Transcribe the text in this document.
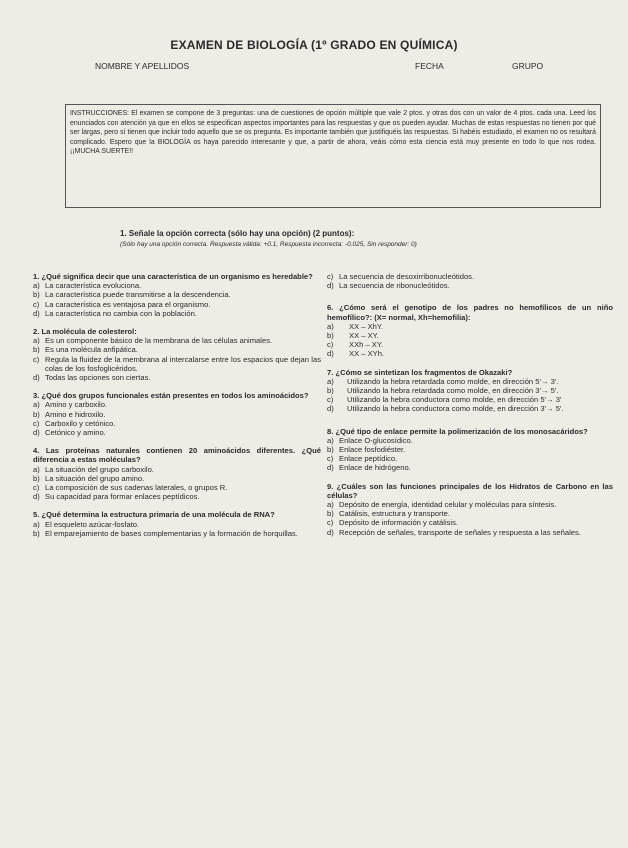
EXAMEN DE BIOLOGÍA (1º GRADO EN QUÍMICA)
NOMBRE Y APELLIDOS	FECHA	GRUPO
INSTRUCCIONES: El examen se compone de 3 preguntas: una de cuestiones de opción múltiple que vale 2 ptos. y otras dos con un valor de 4 ptos. cada una. Leed los enunciados con atención ya que en ellos se especifican aspectos importantes para las respuestas y que os pueden ayudar. Muchas de estas respuestas no tienen por qué ser largas, pero sí tienen que incluir todo aquello que se os pregunta. Es importante también que justifiquéis las respuestas. Si habéis estudiado, el examen no os resultará complicado. Espero que la BIOLOGÍA os haya parecido interesante y que, a partir de ahora, veáis cómo esta ciencia está muy presente en todo lo que nos rodea. ¡¡MUCHA SUERTE!!
1. Señale la opción correcta (sólo hay una opción) (2 puntos):
(Sólo hay una opción correcta. Respuesta válida: +0.1, Respuesta incorrecta: -0.025, Sin responder: 0)
1. ¿Qué significa decir que una característica de un organismo es heredable?
a) La característica evoluciona.
b) La característica puede transmitirse a la descendencia.
c) La característica es ventajosa para el organismo.
d) La característica no cambia con la población.
2. La molécula de colesterol:
a) Es un componente básico de la membrana de las células animales.
b) Es una molécula anfipática.
c) Regula la fluidez de la membrana al intercalarse entre los espacios que dejan las colas de los fosfoglicéridos.
d) Todas las opciones son ciertas.
3. ¿Qué dos grupos funcionales están presentes en todos los aminoácidos?
a) Amino y carboxilo.
b) Amino e hidroxilo.
c) Carboxilo y cetónico.
d) Cetónico y amino.
4. Las proteínas naturales contienen 20 aminoácidos diferentes. ¿Qué diferencia a estas moléculas?
a) La situación del grupo carboxilo.
b) La situación del grupo amino.
c) La composición de sus cadenas laterales, o grupos R.
d) Su capacidad para formar enlaces peptídicos.
5. ¿Qué determina la estructura primaria de una molécula de RNA?
a) El esqueleto azúcar-fosfato.
b) El emparejamiento de bases complementarias y la formación de horquillas.
c) La secuencia de desoxirribonucleótidos.
d) La secuencia de ribonucleótidos.
6. ¿Cómo será el genotipo de los padres no hemofílicos de un niño hemofílico?: (X= normal, Xh=hemofilia):
a)	XX – XhY.
b)	XX – XY.
c)	XXh – XY.
d)	XX – XYh.
7. ¿Cómo se sintetizan los fragmentos de Okazaki?
a)	Utilizando la hebra retardada como molde, en dirección 5'→ 3'.
b)	Utilizando la hebra retardada como molde, en dirección 3'→ 5'.
c)	Utilizando la hebra conductora como molde, en dirección 5'→ 3'
d)	Utilizando la hebra conductora como molde, en dirección 3'→ 5'.
8. ¿Qué tipo de enlace permite la polimerización de los monosacáridos?
a) Enlace O-glucosídico.
b) Enlace fosfodiéster.
c) Enlace peptídico.
d) Enlace de hidrógeno.
9. ¿Cuáles son las funciones principales de los Hidratos de Carbono en las células?
a) Depósito de energía, identidad celular y moléculas para síntesis.
b) Catálisis, estructura y transporte.
c) Depósito de información y catálisis.
d) Recepción de señales, transporte de señales y respuesta a las señales.
